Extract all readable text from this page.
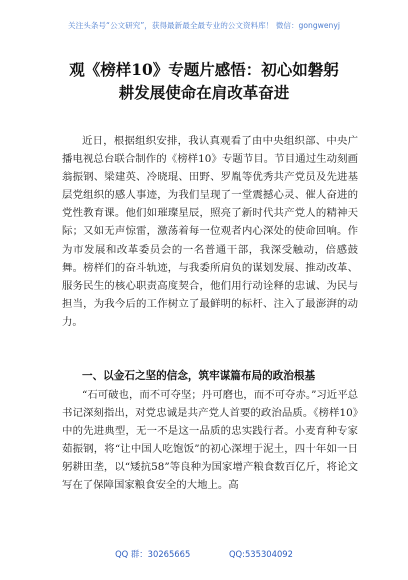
关注头条号“公文研究”，获得最新最全最专业的公文资料库！ 微信：gongwenyj
观《榜样10》专题片感悟：初心如磐躬
耕发展使命在肩改革奋进
近日，根据组织安排，我认真观看了由中央组织部、中央广播电视总台联合制作的《榜样10》专题节目。节目通过生动刻画翁振钢、梁建英、冷晓琨、田野、罗胤等优秀共产党员及先进基层党组织的感人事迹，为我们呈现了一堂震撼心灵、催人奋进的党性教育课。他们如璀璨星辰，照亮了新时代共产党人的精神天际；又如无声惊雷，激荡着每一位观者内心深处的使命回响。作为市发展和改革委员会的一名普通干部，我深受触动，倍感鼓舞。榜样们的奋斗轨迹，与我委所肩负的谋划发展、推动改革、服务民生的核心职责高度契合，他们用行动诠释的忠诚、为民与担当，为我今后的工作树立了最鲜明的标杆、注入了最澎湃的动力。
一、以金石之坚的信念，筑牢谋篇布局的政治根基
“石可破也，而不可夺坚；丹可磨也，而不可夺赤。”习近平总书记深刻指出，对党忠诚是共产党人首要的政治品质。《榜样10》中的先进典型，无一不是这一品质的忠实践行者。小麦育种专家茹振钢，将“让中国人吃饱饭”的初心深埋于泥土，四十年如一日躬耕田垄，以“矮抗58”等良种为国家增产粮食数百亿斤，将论文写在了保障国家粮食安全的大地上。高
QQ 群：30265665	QQ:535304092
